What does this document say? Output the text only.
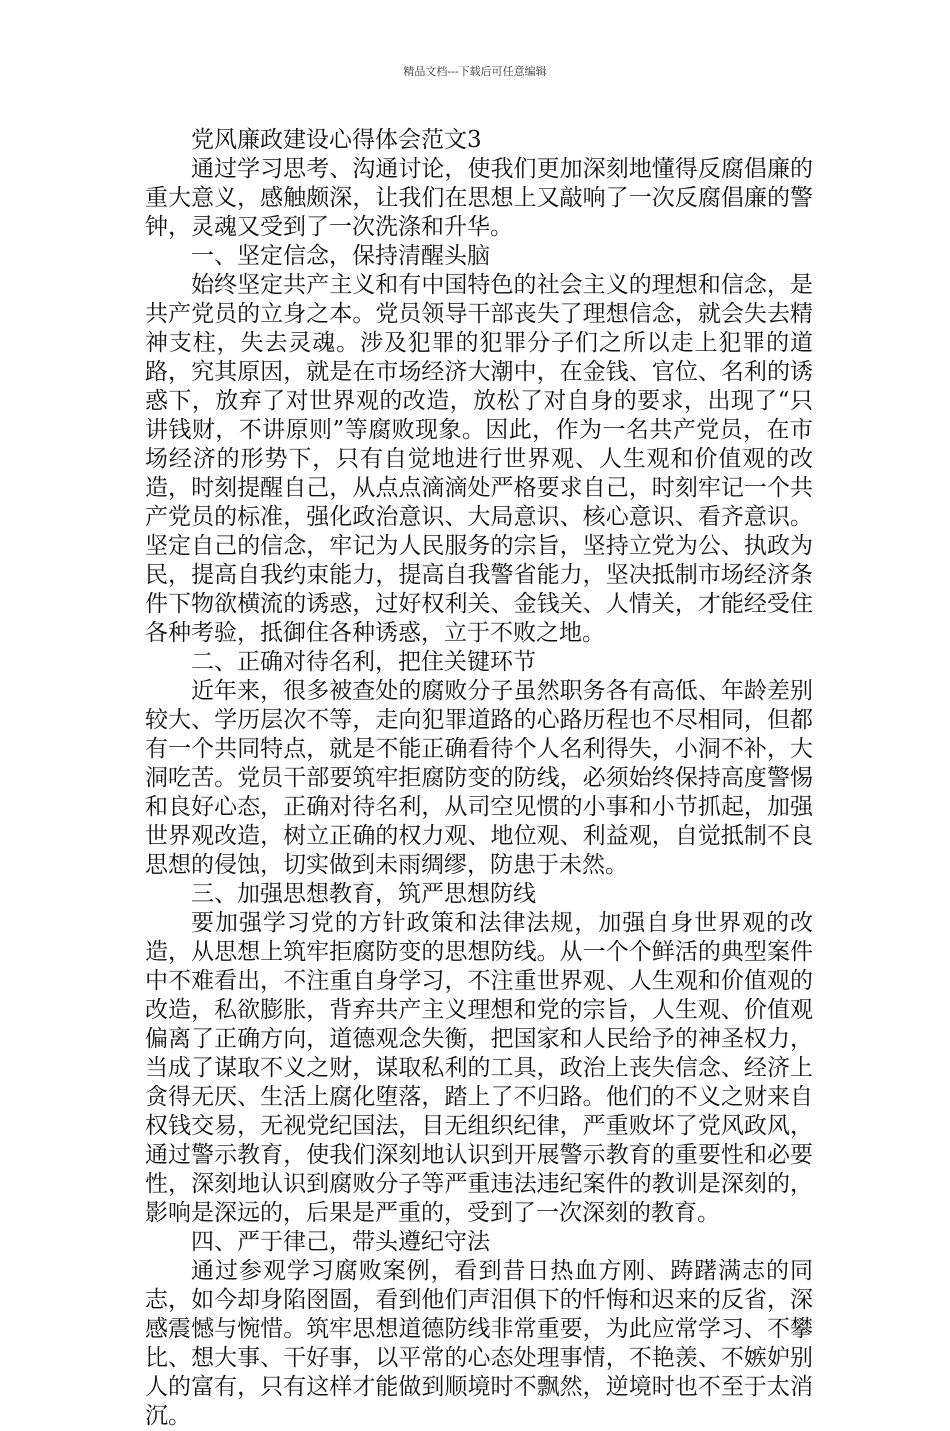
精品文档---下载后可任意编辑

党风廉政建设心得体会范文3

通过学习思考、沟通讨论，使我们更加深刻地懂得反腐倡廉的重大意义，感触颇深，让我们在思想上又敲响了一次反腐倡廉的警钟，灵魂又受到了一次洗涤和升华。

一、坚定信念，保持清醒头脑

始终坚定共产主义和有中国特色的社会主义的理想和信念，是共产党员的立身之本。党员领导干部丧失了理想信念，就会失去精神支柱，失去灵魂。涉及犯罪的犯罪分子们之所以走上犯罪的道路，究其原因，就是在市场经济大潮中，在金钱、官位、名利的诱惑下，放弃了对世界观的改造，放松了对自身的要求，出现了“只讲钱财，不讲原则”等腐败现象。因此，作为一名共产党员，在市场经济的形势下，只有自觉地进行世界观、人生观和价值观的改造，时刻提醒自己，从点点滴滴处严格要求自己，时刻牢记一个共产党员的标准，强化政治意识、大局意识、核心意识、看齐意识。坚定自己的信念，牢记为人民服务的宗旨，坚持立党为公、执政为民，提高自我约束能力，提高自我警省能力，坚决抵制市场经济条件下物欲横流的诱惑，过好权利关、金钱关、人情关，才能经受住各种考验，抵御住各种诱惑，立于不败之地。

二、正确对待名利，把住关键环节

近年来，很多被查处的腐败分子虽然职务各有高低、年龄差别较大、学历层次不等，走向犯罪道路的心路历程也不尽相同，但都有一个共同特点，就是不能正确看待个人名利得失，小洞不补，大洞吃苦。党员干部要筑牢拒腐防变的防线，必须始终保持高度警惕和良好心态，正确对待名利，从司空见惯的小事和小节抓起，加强世界观改造，树立正确的权力观、地位观、利益观，自觉抵制不良思想的侵蚀，切实做到未雨绸缪，防患于未然。

三、加强思想教育，筑严思想防线

要加强学习党的方针政策和法律法规，加强自身世界观的改造，从思想上筑牢拒腐防变的思想防线。从一个个鲜活的典型案件中不难看出，不注重自身学习，不注重世界观、人生观和价值观的改造，私欲膨胀，背弃共产主义理想和党的宗旨，人生观、价值观偏离了正确方向，道德观念失衡，把国家和人民给予的神圣权力，当成了谋取不义之财，谋取私利的工具，政治上丧失信念、经济上贪得无厌、生活上腐化堕落，踏上了不归路。他们的不义之财来自权钱交易，无视党纪国法，目无组织纪律，严重败坏了党风政风，通过警示教育，使我们深刻地认识到开展警示教育的重要性和必要性，深刻地认识到腐败分子等严重违法违纪案件的教训是深刻的，影响是深远的，后果是严重的，受到了一次深刻的教育。

四、严于律己，带头遵纪守法

通过参观学习腐败案例，看到昔日热血方刚、踌躇满志的同志，如今却身陷囹圄，看到他们声泪俱下的忏悔和迟来的反省，深感震憾与惋惜。筑牢思想道德防线非常重要，为此应常学习、不攀比、想大事、干好事，以平常的心态处理事情，不艳羡、不嫉妒别人的富有，只有这样才能做到顺境时不飘然，逆境时也不至于太消沉。
